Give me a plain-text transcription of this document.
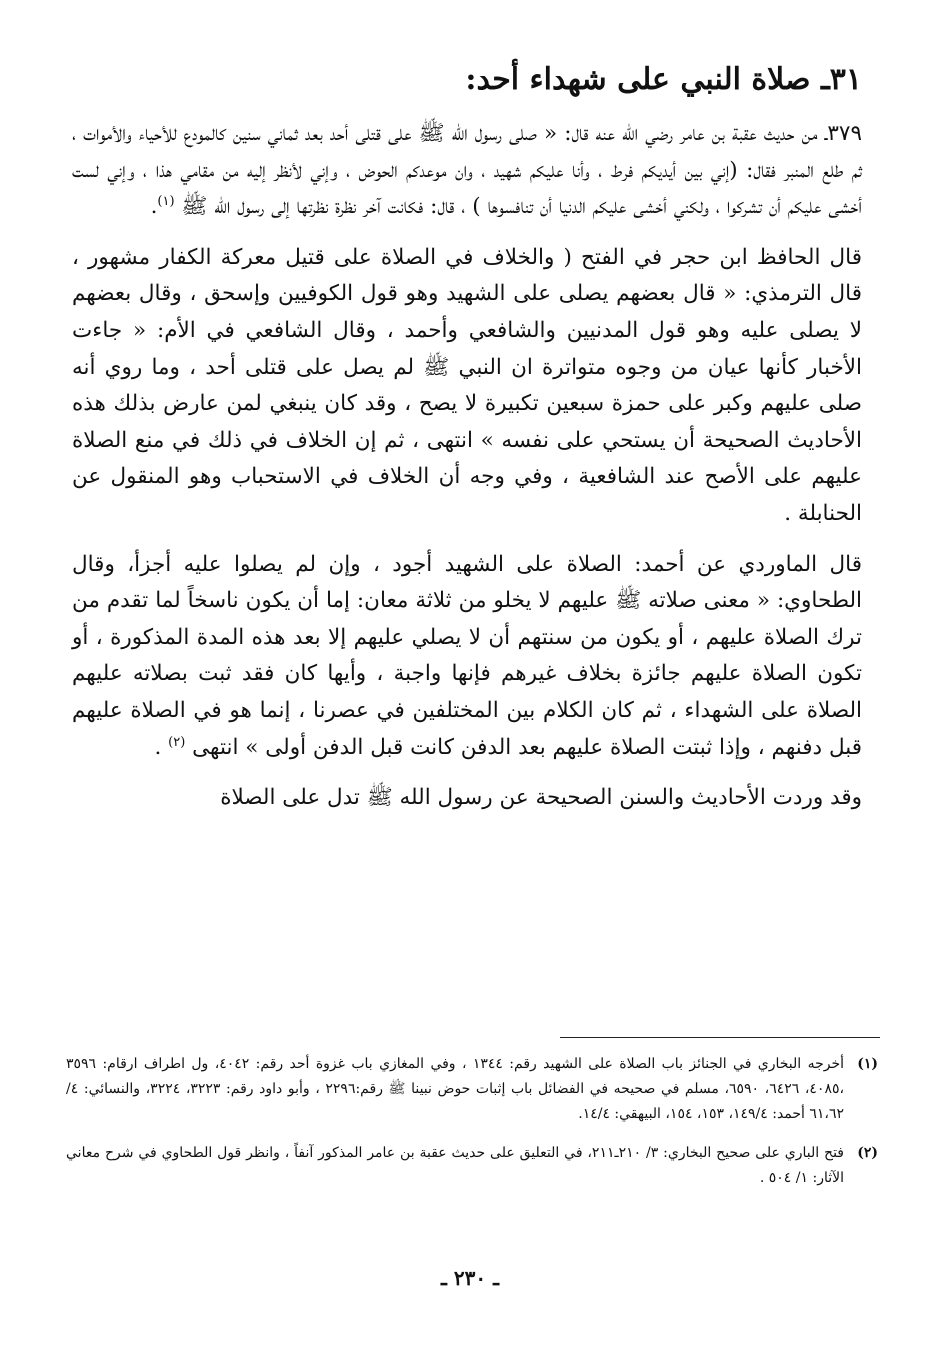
٣١ـ صلاة النبي على شهداء أحد:

٣٧٩ـ من حديث عقبة بن عامر رضي الله عنه قال: « صلى رسول الله ﷺ على قتلى أحد بعد ثماني سنين كالمودع للأحياء والأموات ، ثم طلع المنبر فقال: (إني بين أيديكم فرط ، وأنا عليكم شهيد ، وان موعدكم الحوض ، وإني لأنظر إليه من مقامي هذا ، وإني لست أخشى عليكم أن تشركوا ، ولكني أخشى عليكم الدنيا أن تنافسوها ) ، قال: فكانت آخر نظرة نظرتها إلى رسول الله ﷺ $^{(١)}$.

قال الحافظ ابن حجر في الفتح ( والخلاف في الصلاة على قتيل معركة الكفار مشهور ، قال الترمذي: « قال بعضهم يصلى على الشهيد وهو قول الكوفيين وإسحق ، وقال بعضهم لا يصلى عليه وهو قول المدنيين والشافعي وأحمد ، وقال الشافعي في الأم: « جاءت الأخبار كأنها عيان من وجوه متواترة ان النبي ﷺ لم يصل على قتلى أحد ، وما روي أنه صلى عليهم وكبر على حمزة سبعين تكبيرة لا يصح ، وقد كان ينبغي لمن عارض بذلك هذه الأحاديث الصحيحة أن يستحي على نفسه » انتهى ، ثم إن الخلاف في ذلك في منع الصلاة عليهم على الأصح عند الشافعية ، وفي وجه أن الخلاف في الاستحباب وهو المنقول عن الحنابلة .

قال الماوردي عن أحمد: الصلاة على الشهيد أجود ، وإن لم يصلوا عليه أجزأ، وقال الطحاوي: « معنى صلاته ﷺ عليهم لا يخلو من ثلاثة معان: إما أن يكون ناسخاً لما تقدم من ترك الصلاة عليهم ، أو يكون من سنتهم أن لا يصلي عليهم إلا بعد هذه المدة المذكورة ، أو تكون الصلاة عليهم جائزة بخلاف غيرهم فإنها واجبة ، وأيها كان فقد ثبت بصلاته عليهم الصلاة على الشهداء ، ثم كان الكلام بين المختلفين في عصرنا ، إنما هو في الصلاة عليهم قبل دفنهم ، وإذا ثبتت الصلاة عليهم بعد الدفن كانت قبل الدفن أولى » انتهى $^{(٢)}$ .

وقد وردت الأحاديث والسنن الصحيحة عن رسول الله ﷺ تدل على الصلاة

(١)
أخرجه البخاري في الجنائز باب الصلاة على الشهيد رقم: ١٣٤٤ ، وفي المغازي باب غزوة أحد رقم: ٤٠٤٢، ول اطراف ارقام: ٣٥٩٦ ،٤٠٨٥، ٦٤٢٦، ٦٥٩٠، مسلم في صحيحه في الفضائل باب إثبات حوض نبينا ﷺ رقم:٢٢٩٦ ، وأبو داود رقم: ٣٢٢٣، ٣٢٢٤، والنسائي: ٤/ ٦١،٦٢ أحمد: ١٤٩/٤، ١٥٣، ١٥٤، البيهقي: ١٤/٤.
(٢)
فتح الباري على صحيح البخاري: ٣/ ٢١٠ـ٢١١، في التعليق على حديث عقبة بن عامر المذكور آنفاً ، وانظر قول الطحاوي في شرح معاني الآثار: ١/ ٥٠٤ .

ـ ٢٣٠ ـ
